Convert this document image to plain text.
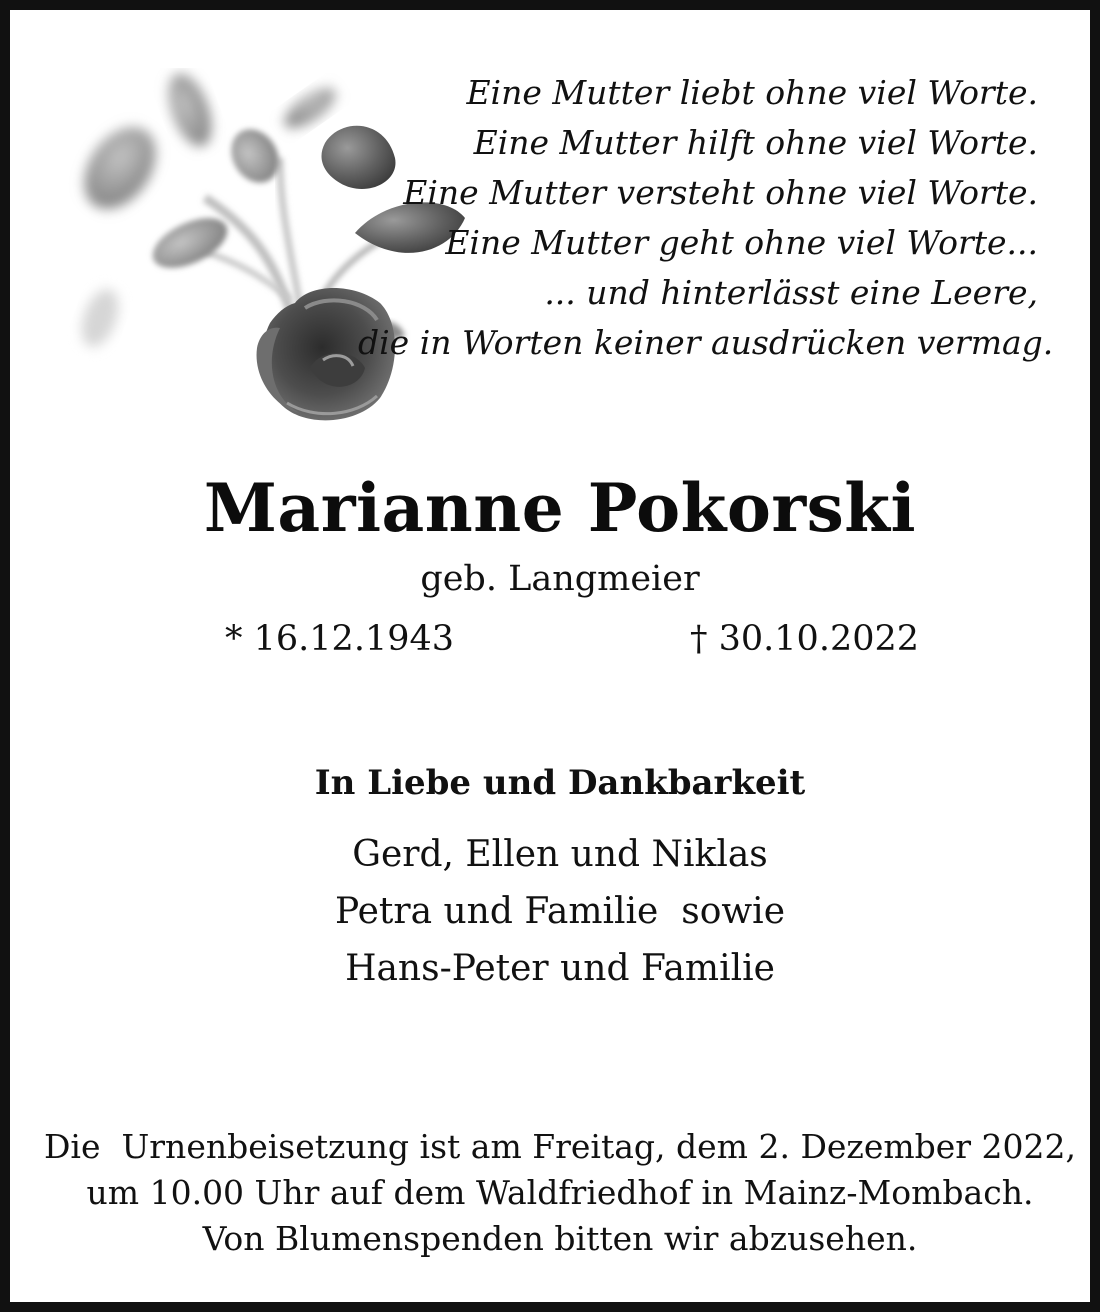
Eine Mutter liebt ohne viel Worte.
Eine Mutter hilft ohne viel Worte.
Eine Mutter versteht ohne viel Worte.
Eine Mutter geht ohne viel Worte...
... und hinterlässt eine Leere,
die in Worten keiner ausdrücken vermag.
Marianne Pokorski
geb. Langmeier
* 16.12.1943	† 30.10.2022
In Liebe und Dankbarkeit
Gerd, Ellen und Niklas
Petra und Familie  sowie
Hans-Peter und Familie
Die  Urnenbeisetzung ist am Freitag, dem 2. Dezember 2022,
um 10.00 Uhr auf dem Waldfriedhof in Mainz-Mombach.
Von Blumenspenden bitten wir abzusehen.
